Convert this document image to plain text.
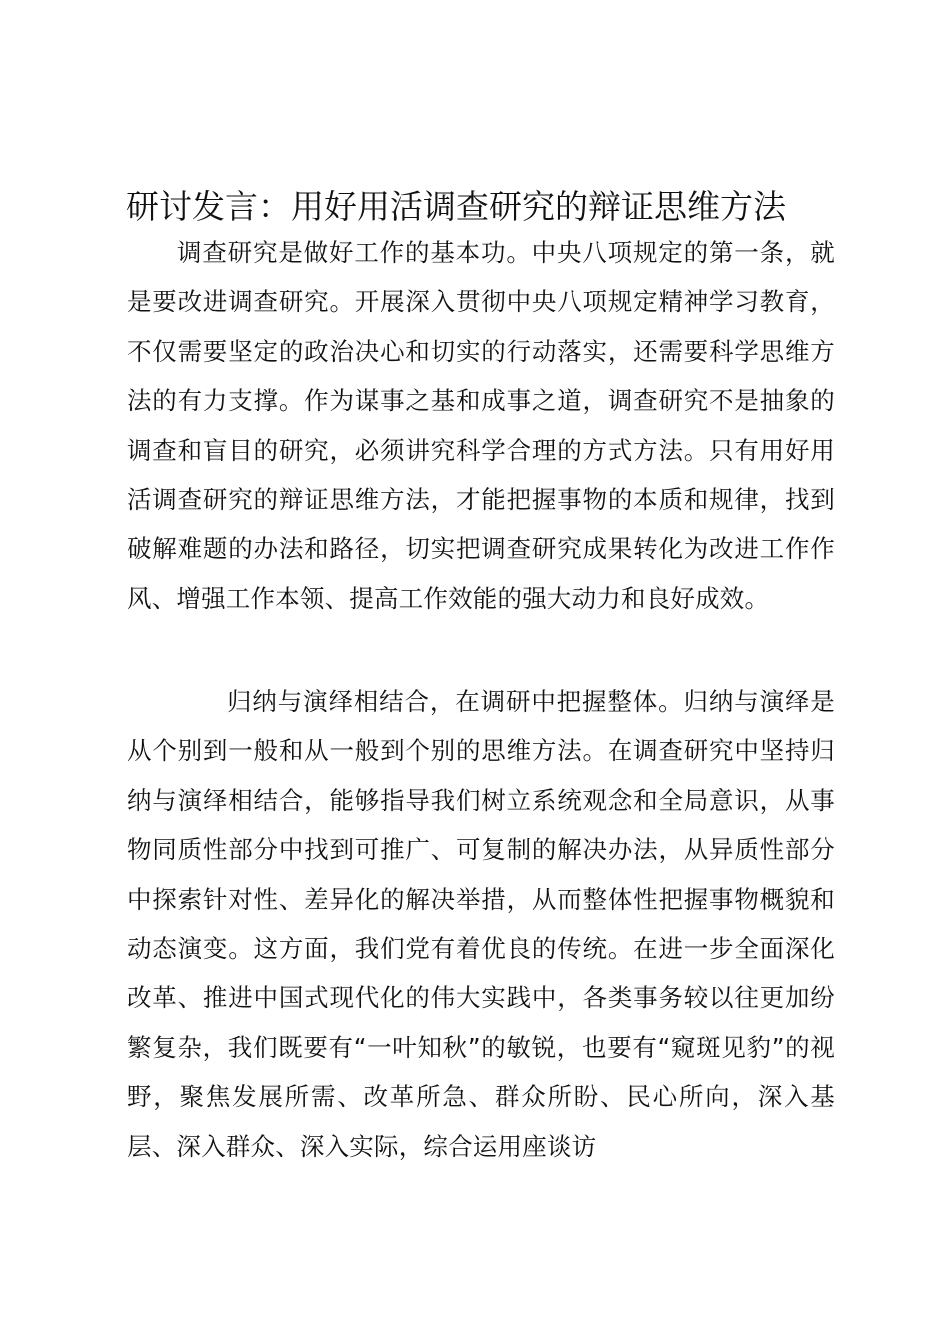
研讨发言：用好用活调查研究的辩证思维方法

调查研究是做好工作的基本功。中央八项规定的第一条，就是要改进调查研究。开展深入贯彻中央八项规定精神学习教育，不仅需要坚定的政治决心和切实的行动落实，还需要科学思维方法的有力支撑。作为谋事之基和成事之道，调查研究不是抽象的调查和盲目的研究，必须讲究科学合理的方式方法。只有用好用活调查研究的辩证思维方法，才能把握事物的本质和规律，找到破解难题的办法和路径，切实把调查研究成果转化为改进工作作风、增强工作本领、提高工作效能的强大动力和良好成效。

归纳与演绎相结合，在调研中把握整体。归纳与演绎是从个别到一般和从一般到个别的思维方法。在调查研究中坚持归纳与演绎相结合，能够指导我们树立系统观念和全局意识，从事物同质性部分中找到可推广、可复制的解决办法，从异质性部分中探索针对性、差异化的解决举措，从而整体性把握事物概貌和动态演变。这方面，我们党有着优良的传统。在进一步全面深化改革、推进中国式现代化的伟大实践中，各类事务较以往更加纷繁复杂，我们既要有“一叶知秋”的敏锐，也要有“窥斑见豹”的视野，聚焦发展所需、改革所急、群众所盼、民心所向，深入基层、深入群众、深入实际，综合运用座谈访
